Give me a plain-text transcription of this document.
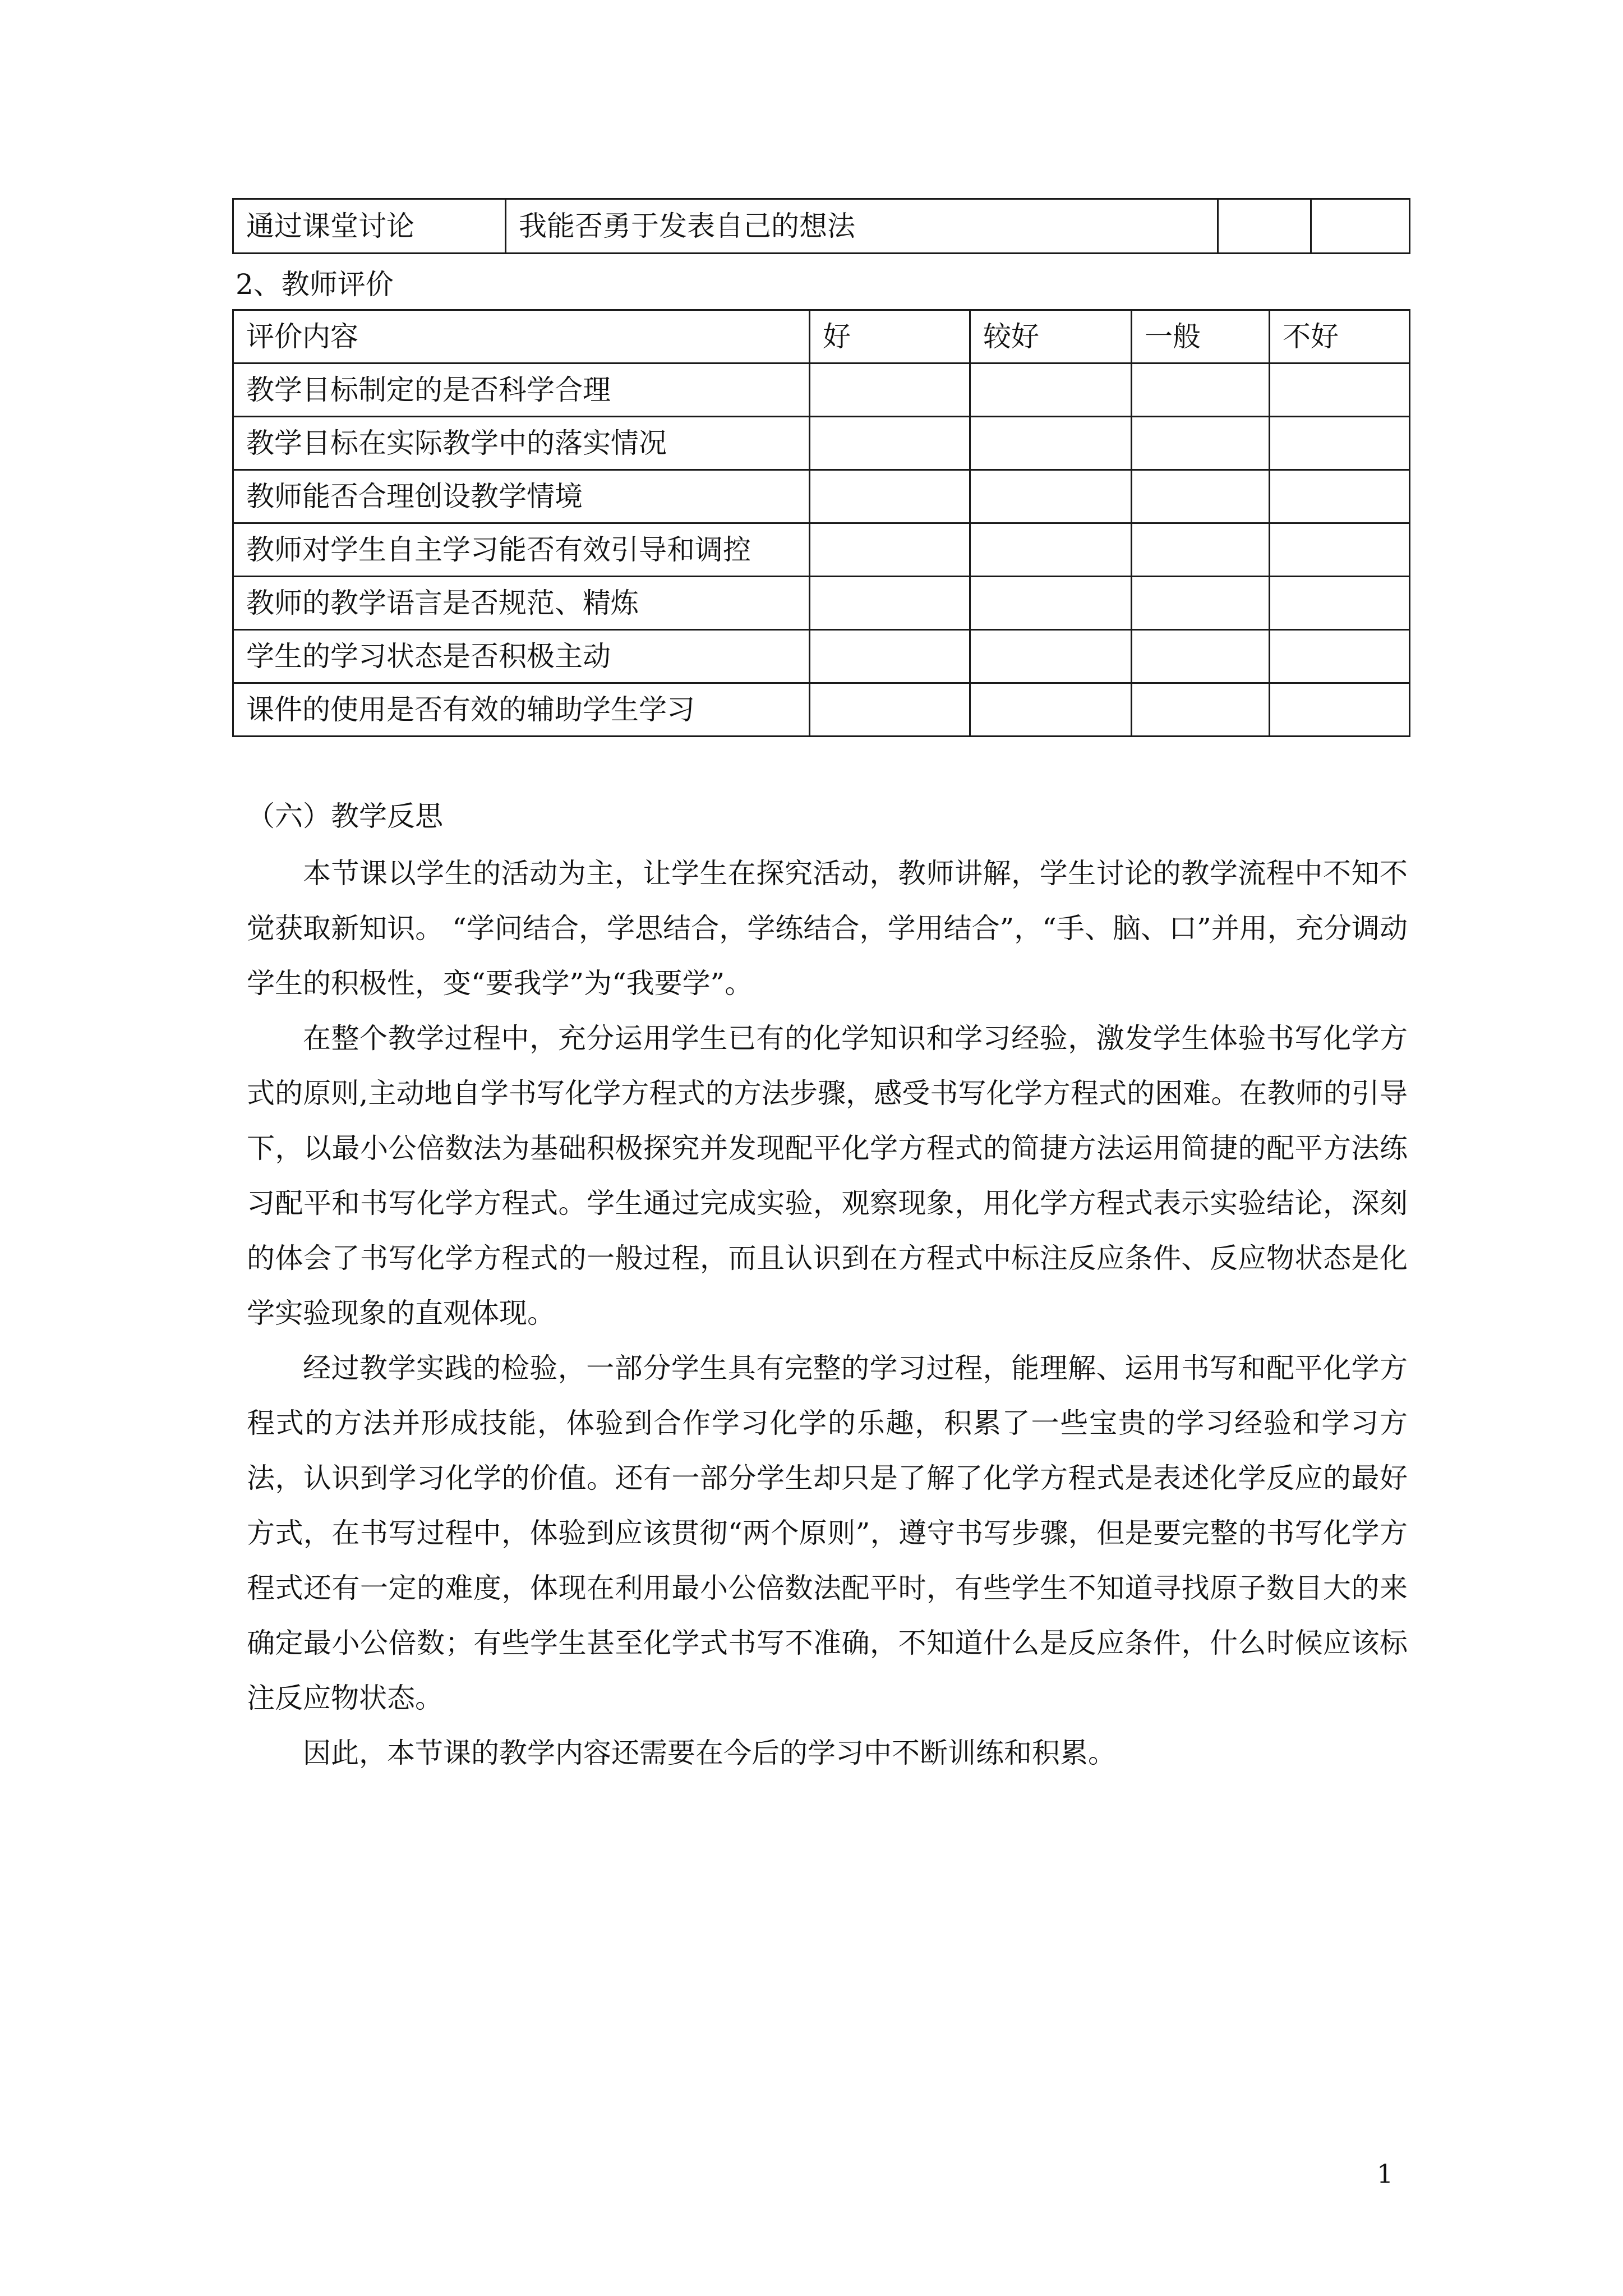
通过课堂讨论	我能否勇于发表自己的想法		
2、教师评价
评价内容	好	较好	一般	不好
教学目标制定的是否科学合理				
教学目标在实际教学中的落实情况				
教师能否合理创设教学情境				
教师对学生自主学习能否有效引导和调控				
教师的教学语言是否规范、精炼				
学生的学习状态是否积极主动				
课件的使用是否有效的辅助学生学习				
（六）教学反思

本节课以学生的活动为主，让学生在探究活动，教师讲解，学生讨论的教学流程中不知不觉获取新知识。 “学问结合，学思结合，学练结合，学用结合”，“手、脑、口”并用，充分调动学生的积极性，变“要我学”为“我要学”。

在整个教学过程中，充分运用学生已有的化学知识和学习经验，激发学生体验书写化学方式的原则,主动地自学书写化学方程式的方法步骤，感受书写化学方程式的困难。在教师的引导下，以最小公倍数法为基础积极探究并发现配平化学方程式的简捷方法运用简捷的配平方法练习配平和书写化学方程式。学生通过完成实验，观察现象，用化学方程式表示实验结论，深刻的体会了书写化学方程式的一般过程，而且认识到在方程式中标注反应条件、反应物状态是化学实验现象的直观体现。

经过教学实践的检验，一部分学生具有完整的学习过程，能理解、运用书写和配平化学方程式的方法并形成技能，体验到合作学习化学的乐趣，积累了一些宝贵的学习经验和学习方法，认识到学习化学的价值。还有一部分学生却只是了解了化学方程式是表述化学反应的最好方式，在书写过程中，体验到应该贯彻“两个原则”，遵守书写步骤，但是要完整的书写化学方程式还有一定的难度，体现在利用最小公倍数法配平时，有些学生不知道寻找原子数目大的来确定最小公倍数；有些学生甚至化学式书写不准确，不知道什么是反应条件，什么时候应该标注反应物状态。

因此，本节课的教学内容还需要在今后的学习中不断训练和积累。

1
